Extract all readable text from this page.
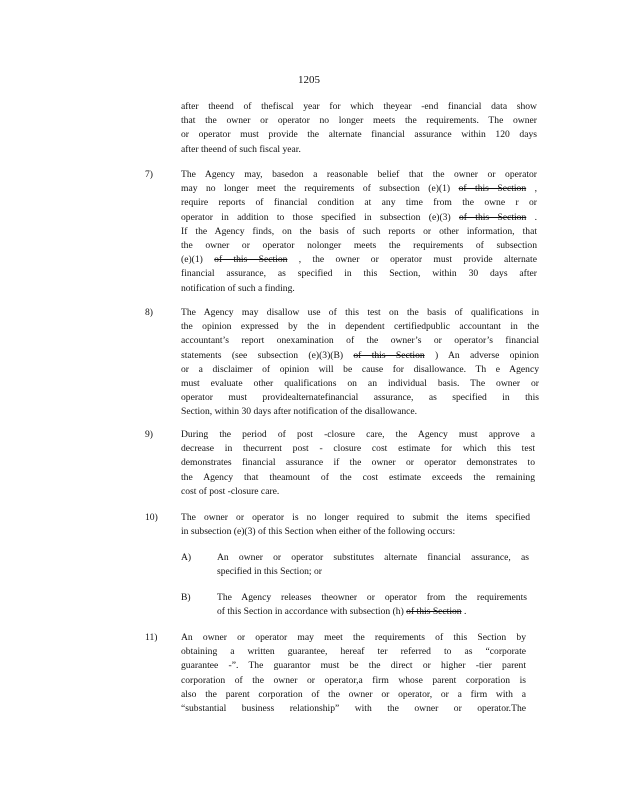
1205
after theend of thefiscal year for which theyear -end financial data show
that the owner or operator no longer meets the requirements. The owner
or operator must provide the alternate financial assurance within 120 days
after theend of such fiscal year.
7)	The Agency may, basedon a reasonable belief that the owner or operator
may no longer meet the requirements of subsection (e)(1) of this Section ,
require reports of financial condition at any time from the owne r or
operator in addition to those specified in subsection (e)(3) of this Section .
If the Agency finds, on the basis of such reports or other information, that
the owner or operator nolonger meets the requirements of subsection
(e)(1) of this Section , the owner or operator must provide alternate
financial assurance, as specified in this Section, within 30 days after
notification of such a finding.
8)	The Agency may disallow use of this test on the basis of qualifications in
the opinion expressed by the in dependent certifiedpublic accountant in the
accountant’s report onexamination of the owner’s or operator’s financial
statements (see subsection (e)(3)(B) of this Section ) An adverse opinion
or a disclaimer of opinion will be cause for disallowance. Th e Agency
must evaluate other qualifications on an individual basis. The owner or
operator must providealternatefinancial assurance, as specified in this
Section, within 30 days after notification of the disallowance.
9)	During the period of post -closure care, the Agency must approve a
decrease in thecurrent post - closure cost estimate for which this test
demonstrates financial assurance if the owner or operator demonstrates to
the Agency that theamount of the cost estimate exceeds the remaining
cost of post -closure care.
10) The owner or operator is no longer required to submit the items specified
in subsection (e)(3) of this Section when either of the following occurs:
A)	An owner or operator substitutes alternate financial assurance, as
specified in this Section; or
B)	The Agency releases theowner or operator from the requirements
of this Section in accordance with subsection (h) of this Section .
11) An owner or operator may meet the requirements of this Section by
obtaining a written guarantee, hereaf ter referred to as “corporate
guarantee -”. The guarantor must be the direct or higher -tier parent
corporation of the owner or operator,a firm whose parent corporation is
also the parent corporation of the owner or operator, or a firm with a
“substantial business relationship” with the owner or operator.The
